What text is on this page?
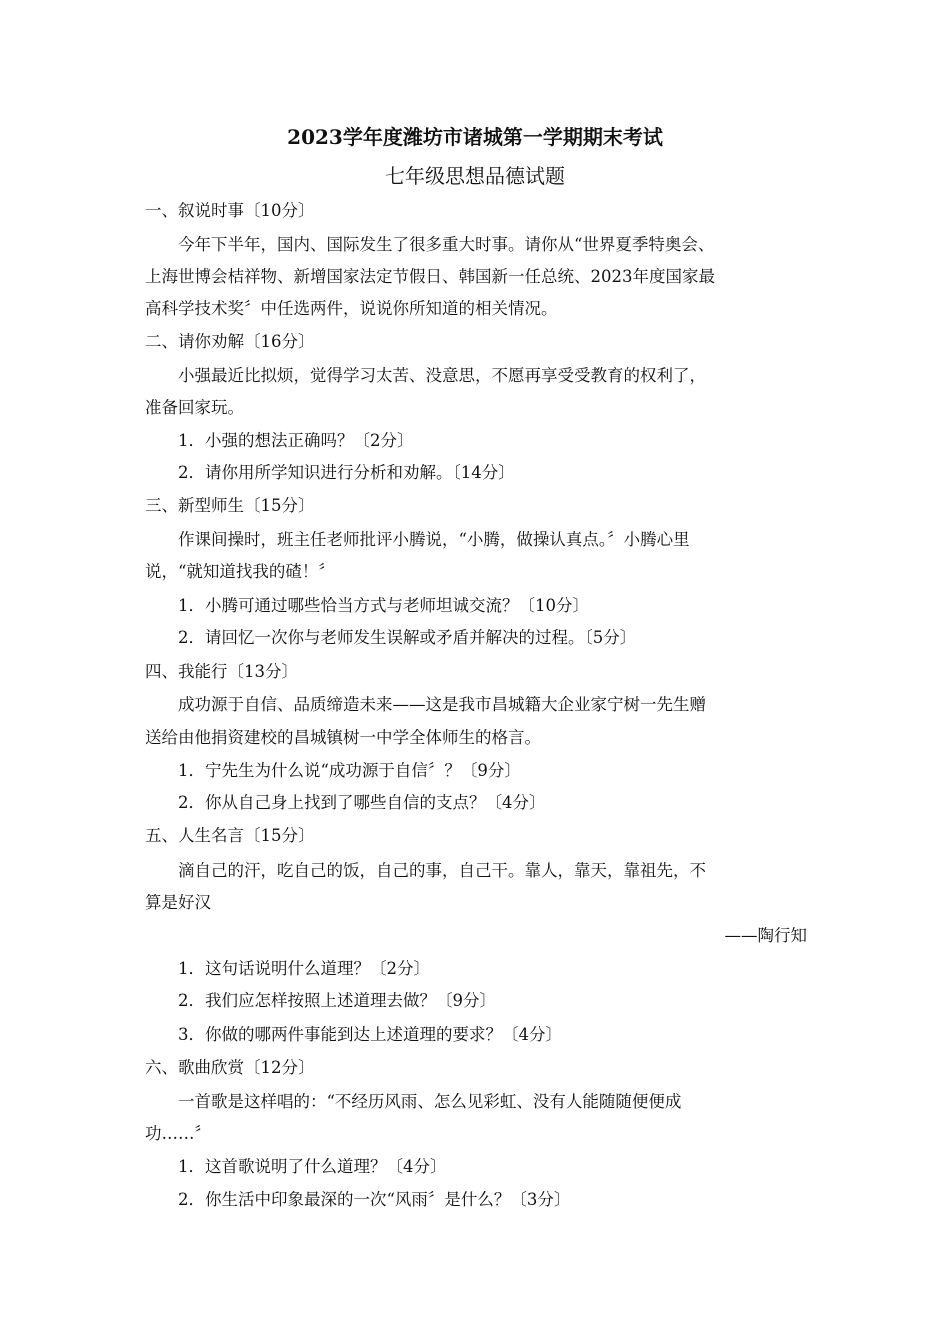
2023学年度潍坊市诸城第一学期期末考试
七年级思想品德试题
一、叙说时事〔10分〕
今年下半年，国内、国际发生了很多重大时事。请你从“世界夏季特奥会、
上海世博会桔祥物、新增国家法定节假日、韩国新一任总统、2023年度国家最
高科学技术奖〞中任选两件，说说你所知道的相关情况。
二、请你劝解〔16分〕
小强最近比拟烦，觉得学习太苦、没意思，不愿再享受受教育的权利了，
准备回家玩。
1．小强的想法正确吗？〔2分〕
2．请你用所学知识进行分析和劝解。〔14分〕
三、新型师生〔15分〕
作课间操时，班主任老师批评小腾说，“小腾，做操认真点。〞小腾心里
说，“就知道找我的碴！〞
1．小腾可通过哪些恰当方式与老师坦诚交流？〔10分〕
2．请回忆一次你与老师发生误解或矛盾并解决的过程。〔5分〕
四、我能行〔13分〕
成功源于自信、品质缔造未来——这是我市昌城籍大企业家宁树一先生赠
送给由他捐资建校的昌城镇树一中学全体师生的格言。
1．宁先生为什么说“成功源于自信〞？〔9分〕
2．你从自己身上找到了哪些自信的支点？〔4分〕
五、人生名言〔15分〕
滴自己的汗，吃自己的饭，自己的事，自己干。靠人，靠天，靠祖先，不
算是好汉
——陶行知
1．这句话说明什么道理？〔2分〕
2．我们应怎样按照上述道理去做？〔9分〕
3．你做的哪两件事能到达上述道理的要求？〔4分〕
六、歌曲欣赏〔12分〕
一首歌是这样唱的：“不经历风雨、怎么见彩虹、没有人能随随便便成
功……〞
1．这首歌说明了什么道理？〔4分〕
2．你生活中印象最深的一次“风雨〞是什么？〔3分〕
